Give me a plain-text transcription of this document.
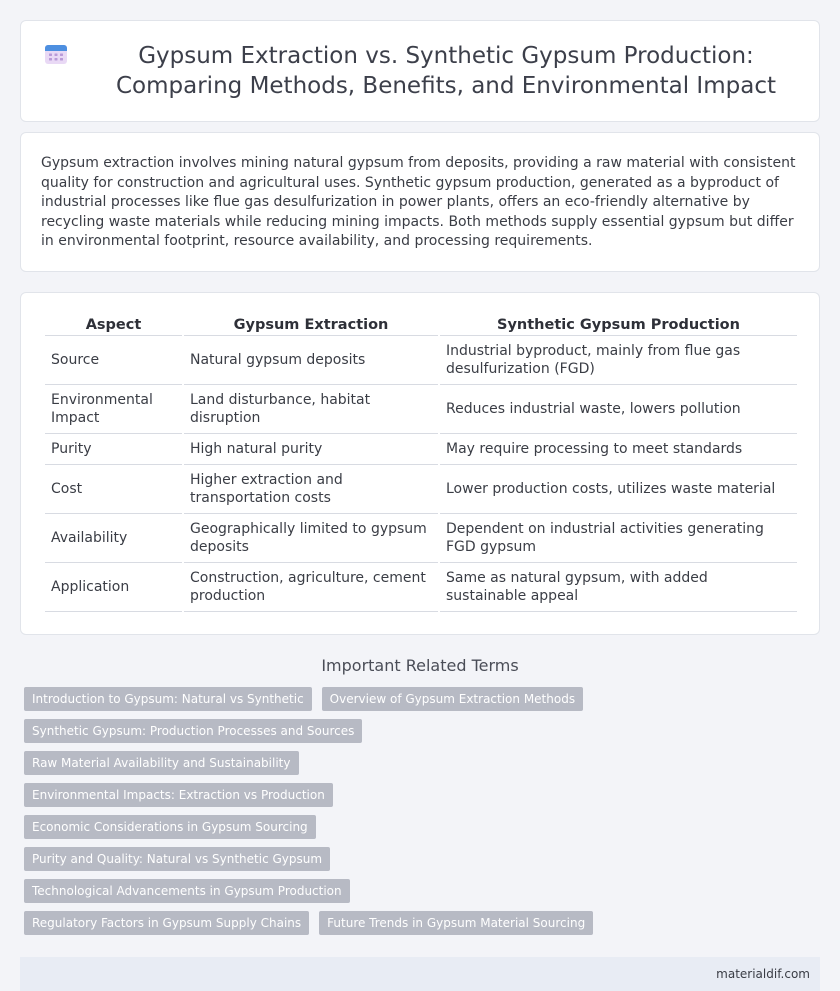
Gypsum Extraction vs. Synthetic Gypsum Production: Comparing Methods, Benefits, and Environmental Impact

Gypsum extraction involves mining natural gypsum from deposits, providing a raw material with consistent quality for construction and agricultural uses. Synthetic gypsum production, generated as a byproduct of industrial processes like flue gas desulfurization in power plants, offers an eco-friendly alternative by recycling waste materials while reducing mining impacts. Both methods supply essential gypsum but differ in environmental footprint, resource availability, and processing requirements.

Aspect	Gypsum Extraction	Synthetic Gypsum Production
Source	Natural gypsum deposits	Industrial byproduct, mainly from flue gas desulfurization (FGD)
Environmental Impact	Land disturbance, habitat disruption	Reduces industrial waste, lowers pollution
Purity	High natural purity	May require processing to meet standards
Cost	Higher extraction and transportation costs	Lower production costs, utilizes waste material
Availability	Geographically limited to gypsum deposits	Dependent on industrial activities generating FGD gypsum
Application	Construction, agriculture, cement production	Same as natural gypsum, with added sustainable appeal
Important Related Terms
Introduction to Gypsum: Natural vs Synthetic Overview of Gypsum Extraction Methods Synthetic Gypsum: Production Processes and SourcesRaw Material Availability and Sustainability Environmental Impacts: Extraction vs ProductionEconomic Considerations in Gypsum Sourcing Purity and Quality: Natural vs Synthetic GypsumTechnological Advancements in Gypsum Production Regulatory Factors in Gypsum Supply Chains Future Trends in Gypsum Material Sourcing
materialdif.com
